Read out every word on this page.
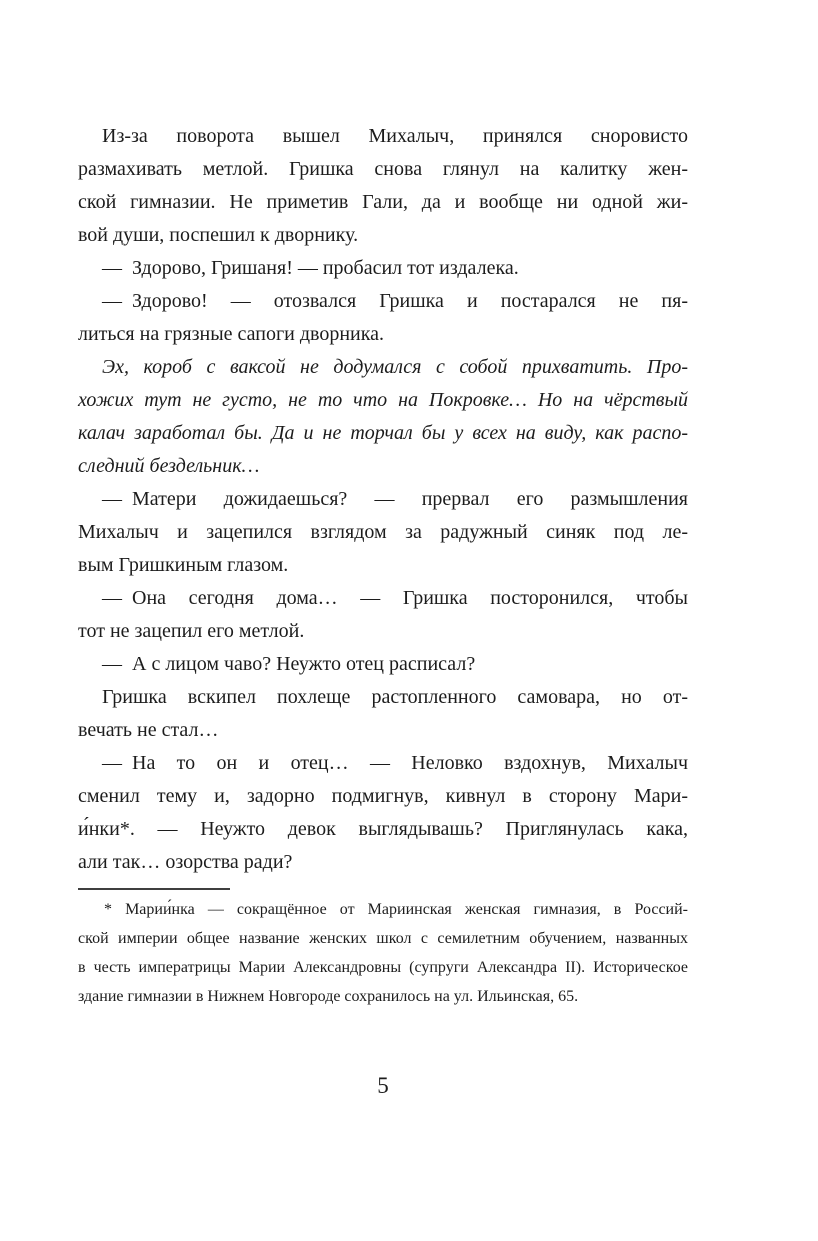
Из-за поворота вышел Михалыч, принялся сноровисто
размахивать метлой. Гришка снова глянул на калитку жен-
ской гимназии. Не приметив Гали, да и вообще ни одной жи-
вой души, поспешил к дворнику.
— Здорово, Гришаня! — пробасил тот издалека.
— Здорово! — отозвался Гришка и постарался не пя-
литься на грязные сапоги дворника.
Эх, короб с ваксой не додумался с собой прихватить. Про-
хожих тут не густо, не то что на Покровке… Но на чёрствый
калач заработал бы. Да и не торчал бы у всех на виду, как распо-
следний бездельник…
— Матери дожидаешься? — прервал его размышления
Михалыч и зацепился взглядом за радужный синяк под ле-
вым Гришкиным глазом.
— Она сегодня дома… — Гришка посторонился, чтобы
тот не зацепил его метлой.
— А с лицом чаво? Неужто отец расписал?
Гришка вскипел похлеще растопленного самовара, но от-
вечать не стал…
— На то он и отец… — Неловко вздохнув, Михалыч
сменил тему и, задорно подмигнув, кивнул в сторону Мари-
и́нки*. — Неужто девок выглядывашь? Приглянулась кака,
али так… озорства ради?
* Марии́нка — сокращённое от Мариинская женская гимназия, в Россий-
ской империи общее название женских школ с семилетним обучением, названных
в честь императрицы Марии Александровны (супруги Александра II). Историческое
здание гимназии в Нижнем Новгороде сохранилось на ул. Ильинская, 65.
5
